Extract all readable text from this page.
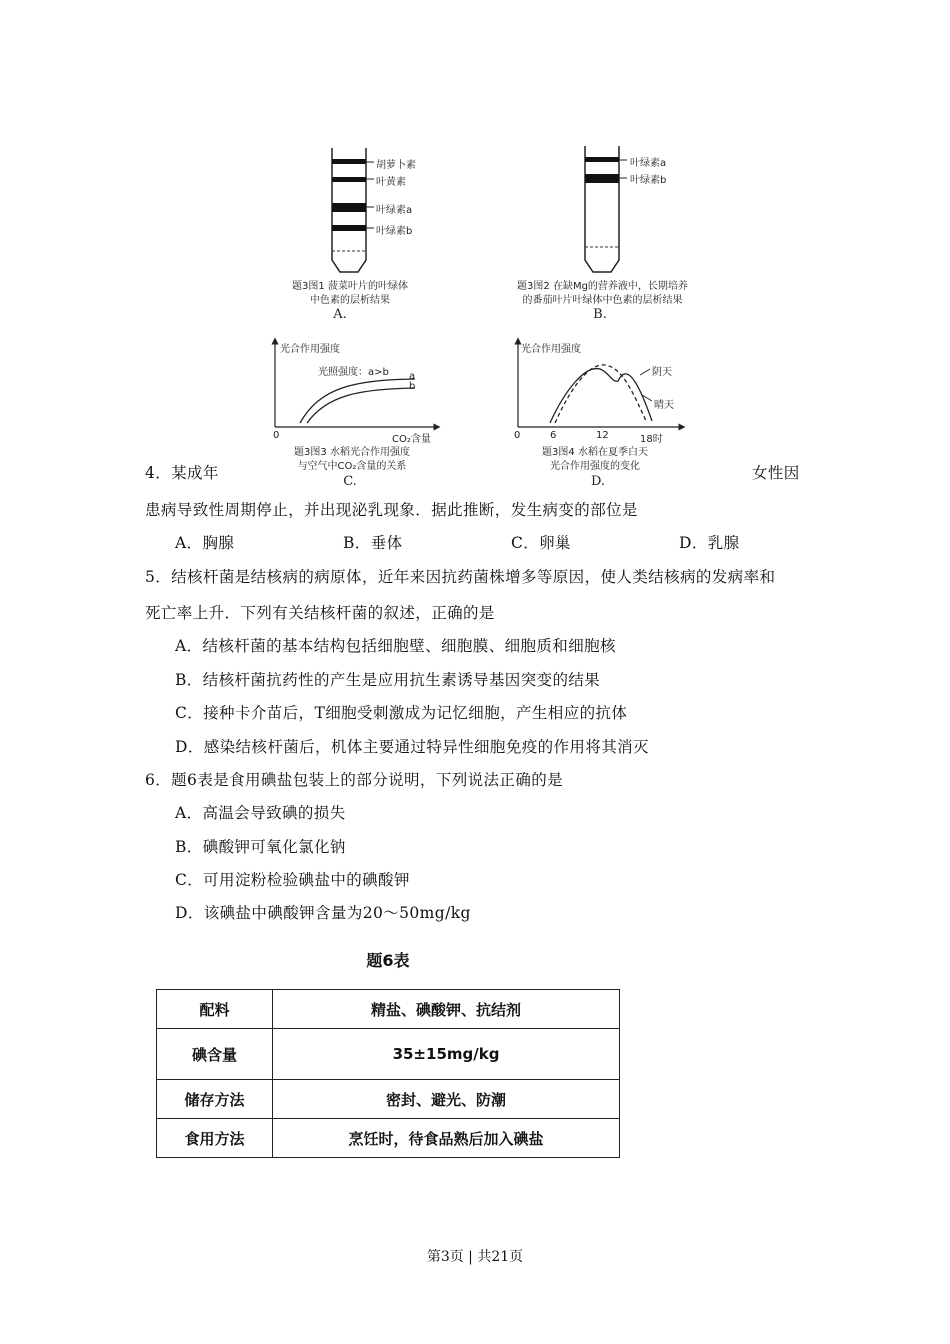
胡萝卜素
叶黄素
叶绿素a
叶绿素b
题3图1 菠菜叶片的叶绿体
中色素的层析结果
A.
叶绿素a
叶绿素b
题3图2 在缺Mg的营养液中，长期培养
的番茄叶片叶绿体中色素的层析结果
B.
光合作用强度
光照强度：a>b a
b
0	CO₂含量
题3图3 水稻光合作用强度
与空气中CO₂含量的关系
C.
光合作用强度
阴天
晴天
0	6	12	18时
题3图4 水稻在夏季白天
光合作用强度的变化
D.
4．某成年	女性因
患病导致性周期停止，并出现泌乳现象．据此推断，发生病变的部位是
A．胸腺	B．垂体	C．卵巢	D．乳腺
5．结核杆菌是结核病的病原体，近年来因抗药菌株增多等原因，使人类结核病的发病率和
死亡率上升．下列有关结核杆菌的叙述，正确的是
A．结核杆菌的基本结构包括细胞壁、细胞膜、细胞质和细胞核
B．结核杆菌抗药性的产生是应用抗生素诱导基因突变的结果
C．接种卡介苗后，T细胞受刺激成为记忆细胞，产生相应的抗体
D．感染结核杆菌后，机体主要通过特异性细胞免疫的作用将其消灭
6．题6表是食用碘盐包装上的部分说明，下列说法正确的是
A．高温会导致碘的损失
B．碘酸钾可氧化氯化钠
C．可用淀粉检验碘盐中的碘酸钾
D．该碘盐中碘酸钾含量为20～50mg/kg
题6表
配料	精盐、碘酸钾、抗结剂
碘含量	35±15mg/kg
储存方法	密封、避光、防潮
食用方法	烹饪时，待食品熟后加入碘盐
第3页 | 共21页
